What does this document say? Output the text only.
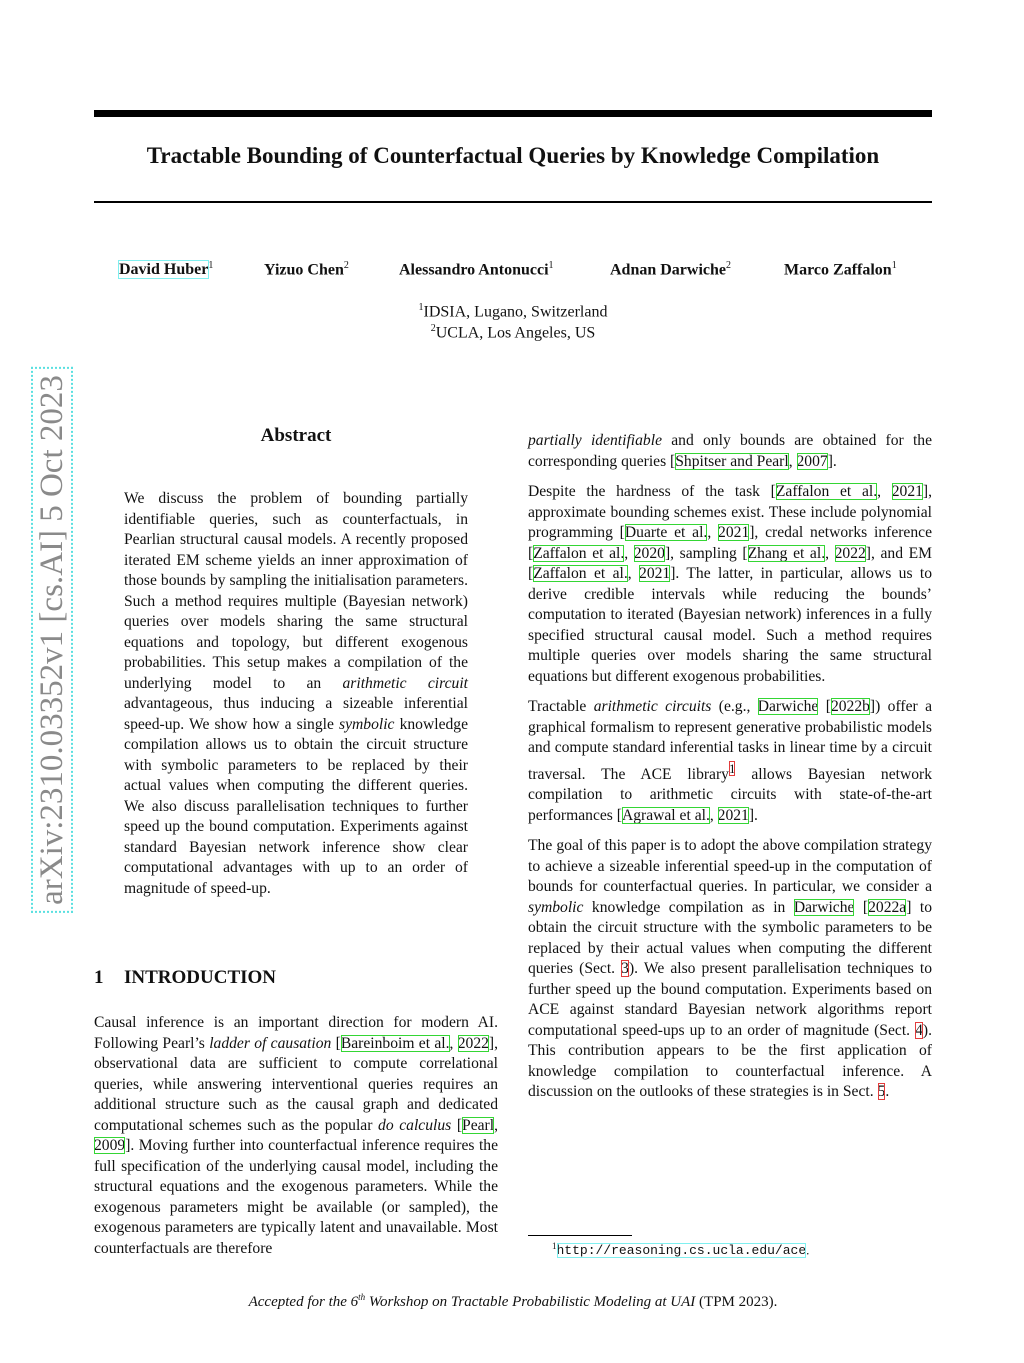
Tractable Bounding of Counterfactual Queries by Knowledge Compilation
David Huber$^1$	Yizuo Chen$^2$	Alessandro Antonucci$^1$	Adnan Darwiche$^2$	Marco Zaffalon$^1$
$^1$IDSIA, Lugano, Switzerland
$^2$UCLA, Los Angeles, US
arXiv:2310.03352v1 [cs.AI] 5 Oct 2023	Abstract

We discuss the problem of bounding partially identifiable queries, such as counterfactuals, in Pearlian structural causal models. A recently proposed iterated EM scheme yields an inner approximation of those bounds by sampling the initialisation parameters. Such a method requires multiple (Bayesian network) queries over models sharing the same structural equations and topology, but different exogenous probabilities. This setup makes a compilation of the underlying model to an arithmetic circuit advantageous, thus inducing a sizeable inferential speed-up. We show how a single symbolic knowledge compilation allows us to obtain the circuit structure with symbolic parameters to be replaced by their actual values when computing the different queries. We also discuss parallelisation techniques to further speed up the bound computation. Experiments against standard Bayesian network inference show clear computational advantages with up to an order of magnitude of speed-up.

1 INTRODUCTION

Causal inference is an important direction for modern AI. Following Pearl’s ladder of causation [Bareinboim et al., 2022], observational data are sufficient to compute correlational queries, while answering interventional queries requires an additional structure such as the causal graph and dedicated computational schemes such as the popular do calculus [Pearl, 2009]. Moving further into counterfactual inference requires the full specification of the underlying causal model, including the structural equations and the exogenous parameters. While the exogenous parameters might be available (or sampled), the exogenous parameters are typically latent and unavailable. Most counterfactuals are therefore

partially identifiable and only bounds are obtained for the corresponding queries [Shpitser and Pearl, 2007].

Despite the hardness of the task [Zaffalon et al., 2021], approximate bounding schemes exist. These include polynomial programming [Duarte et al., 2021], credal networks inference [Zaffalon et al., 2020], sampling [Zhang et al., 2022], and EM [Zaffalon et al., 2021]. The latter, in particular, allows us to derive credible intervals while reducing the bounds’ computation to iterated (Bayesian network) inferences in a fully specified structural causal model. Such a method requires multiple queries over models sharing the same structural equations but different exogenous probabilities.

Tractable arithmetic circuits (e.g., Darwiche [2022b]) offer a graphical formalism to represent generative probabilistic models and compute standard inferential tasks in linear time by a circuit traversal. The ACE library$^1$ allows Bayesian network compilation to arithmetic circuits with state-of-the-art performances [Agrawal et al., 2021].

The goal of this paper is to adopt the above compilation strategy to achieve a sizeable inferential speed-up in the computation of bounds for counterfactual queries. In particular, we consider a symbolic knowledge compilation as in Darwiche [2022a] to obtain the circuit structure with the symbolic parameters to be replaced by their actual values when computing the different queries (Sect. 3). We also present parallelisation techniques to further speed up the bound computation. Experiments based on ACE against standard Bayesian network algorithms report computational speed-ups up to an order of magnitude (Sect. 4). This contribution appears to be the first application of knowledge compilation to counterfactual inference. A discussion on the outlooks of these strategies is in Sect. 5.

$^1$http://reasoning.cs.ucla.edu/ace.
Accepted for the 6th Workshop on Tractable Probabilistic Modeling at UAI (TPM 2023).
